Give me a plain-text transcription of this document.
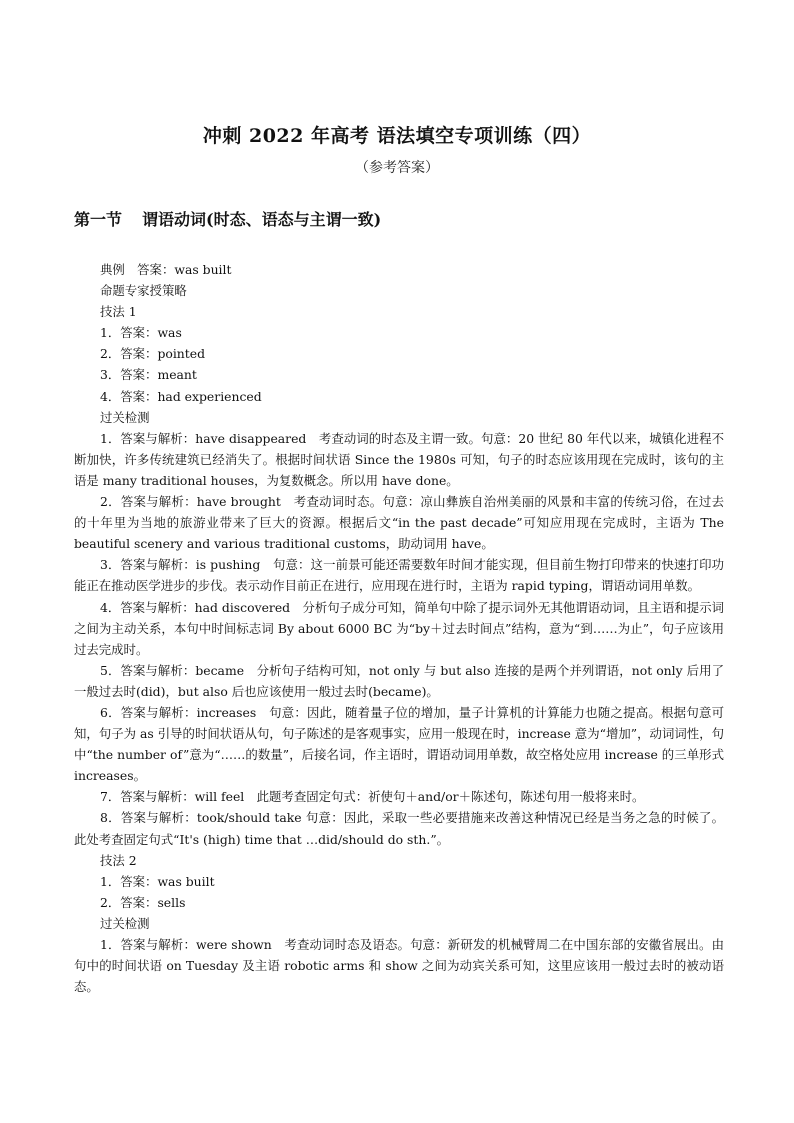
冲刺 2022 年高考 语法填空专项训练（四）
（参考答案）
第一节 谓语动词(时态、语态与主谓一致)
典例　答案：was built
命题专家授策略
技法 1
1．答案：was
2．答案：pointed
3．答案：meant
4．答案：had experienced
过关检测
1．答案与解析：have disappeared　考查动词的时态及主谓一致。句意：20 世纪 80 年代以来，城镇化进程不断加快，许多传统建筑已经消失了。根据时间状语 Since the 1980s 可知，句子的时态应该用现在完成时，该句的主语是 many traditional houses，为复数概念。所以用 have done。
2．答案与解析：have brought　考查动词时态。句意：凉山彝族自治州美丽的风景和丰富的传统习俗，在过去的十年里为当地的旅游业带来了巨大的资源。根据后文“in the past decade”可知应用现在完成时，主语为 The beautiful scenery and various traditional customs，助动词用 have。
3．答案与解析：is pushing　句意：这一前景可能还需要数年时间才能实现，但目前生物打印带来的快速打印功能正在推动医学进步的步伐。表示动作目前正在进行，应用现在进行时，主语为 rapid typing，谓语动词用单数。
4．答案与解析：had discovered　分析句子成分可知，简单句中除了提示词外无其他谓语动词，且主语和提示词之间为主动关系，本句中时间标志词 By about 6000 BC 为“by＋过去时间点”结构，意为“到……为止”，句子应该用过去完成时。
5．答案与解析：became　分析句子结构可知，not only 与 but also 连接的是两个并列谓语，not only 后用了一般过去时(did)，but also 后也应该使用一般过去时(became)。
6．答案与解析：increases　句意：因此，随着量子位的增加，量子计算机的计算能力也随之提高。根据句意可知，句子为 as 引导的时间状语从句，句子陈述的是客观事实，应用一般现在时，increase 意为“增加”，动词词性，句中“the number of”意为“……的数量”，后接名词，作主语时，谓语动词用单数，故空格处应用 increase 的三单形式 increases。
7．答案与解析：will feel　此题考查固定句式：祈使句＋and/or＋陈述句，陈述句用一般将来时。
8．答案与解析：took/should take 句意：因此，采取一些必要措施来改善这种情况已经是当务之急的时候了。此处考查固定句式“It's (high) time that …did/should do sth.”。
技法 2
1．答案：was built
2．答案：sells
过关检测
1．答案与解析：were shown　考查动词时态及语态。句意：新研发的机械臂周二在中国东部的安徽省展出。由句中的时间状语 on Tuesday 及主语 robotic arms 和 show 之间为动宾关系可知，这里应该用一般过去时的被动语态。
